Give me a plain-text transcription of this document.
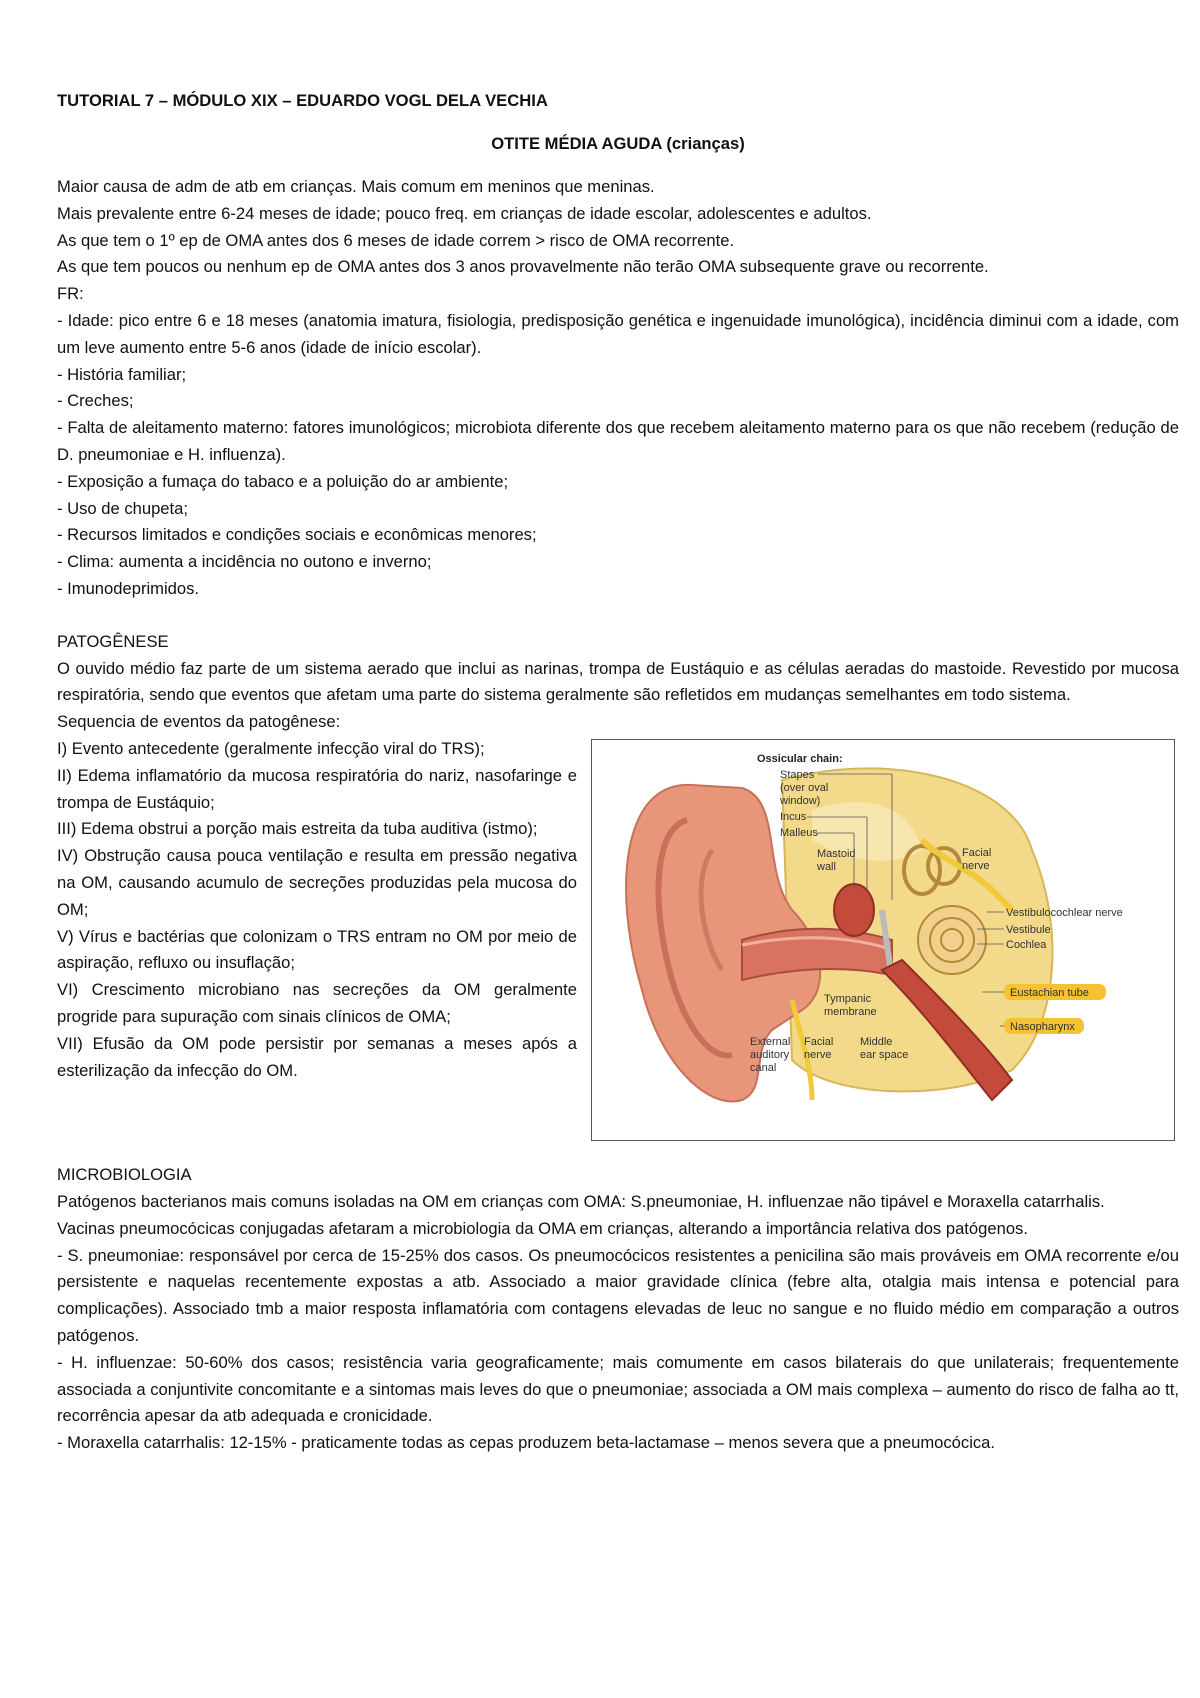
TUTORIAL 7 – MÓDULO XIX – EDUARDO VOGL DELA VECHIA

OTITE MÉDIA AGUDA (crianças)

Maior causa de adm de atb em crianças. Mais comum em meninos que meninas.

Mais prevalente entre 6-24 meses de idade; pouco freq. em crianças de idade escolar, adolescentes e adultos.

As que tem o 1º ep de OMA antes dos 6 meses de idade correm > risco de OMA recorrente.

As que tem poucos ou nenhum ep de OMA antes dos 3 anos provavelmente não terão OMA subsequente grave ou recorrente.

FR:

- Idade: pico entre 6 e 18 meses (anatomia imatura, fisiologia, predisposição genética e ingenuidade imunológica), incidência diminui com a idade, com um leve aumento entre 5-6 anos (idade de início escolar).

- História familiar;

- Creches;

- Falta de aleitamento materno: fatores imunológicos; microbiota diferente dos que recebem aleitamento materno para os que não recebem (redução de D. pneumoniae e H. influenza).

- Exposição a fumaça do tabaco e a poluição do ar ambiente;

- Uso de chupeta;

- Recursos limitados e condições sociais e econômicas menores;

- Clima: aumenta a incidência no outono e inverno;

- Imunodeprimidos.

PATOGÊNESE

O ouvido médio faz parte de um sistema aerado que inclui as narinas, trompa de Eustáquio e as células aeradas do mastoide. Revestido por mucosa respiratória, sendo que eventos que afetam uma parte do sistema geralmente são refletidos em mudanças semelhantes em todo sistema.

Sequencia de eventos da patogênese:

I) Evento antecedente (geralmente infecção viral do TRS);

II) Edema inflamatório da mucosa respiratória do nariz, nasofaringe e trompa de Eustáquio;

III) Edema obstrui a porção mais estreita da tuba auditiva (istmo);

IV) Obstrução causa pouca ventilação e resulta em pressão negativa na OM, causando acumulo de secreções produzidas pela mucosa do OM;

V) Vírus e bactérias que colonizam o TRS entram no OM por meio de aspiração, refluxo ou insuflação;

VI) Crescimento microbiano nas secreções da OM geralmente progride para supuração com sinais clínicos de OMA;

VII) Efusão da OM pode persistir por semanas a meses após a esterilização da infecção do OM.

Ossicular chain:
Stapes
(over oval
window)
Incus
Malleus
Mastoid
wall
Facial
nerve
Vestibulocochlear nerve
Vestibule
Cochlea
Eustachian tube
Nasopharynx
Tympanic
membrane
External
auditory
canal
Facial
nerve
Middle
ear space

MICROBIOLOGIA

Patógenos bacterianos mais comuns isoladas na OM em crianças com OMA: S.pneumoniae, H. influenzae não tipável e Moraxella catarrhalis.

Vacinas pneumocócicas conjugadas afetaram a microbiologia da OMA em crianças, alterando a importância relativa dos patógenos.

- S. pneumoniae: responsável por cerca de 15-25% dos casos. Os pneumocócicos resistentes a penicilina são mais prováveis em OMA recorrente e/ou persistente e naquelas recentemente expostas a atb. Associado a maior gravidade clínica (febre alta, otalgia mais intensa e potencial para complicações). Associado tmb a maior resposta inflamatória com contagens elevadas de leuc no sangue e no fluido médio em comparação a outros patógenos.

- H. influenzae: 50-60% dos casos; resistência varia geograficamente; mais comumente em casos bilaterais do que unilaterais; frequentemente associada a conjuntivite concomitante e a sintomas mais leves do que o pneumoniae; associada a OM mais complexa – aumento do risco de falha ao tt, recorrência apesar da atb adequada e cronicidade.

- Moraxella catarrhalis: 12-15% - praticamente todas as cepas produzem beta-lactamase – menos severa que a pneumocócica.
